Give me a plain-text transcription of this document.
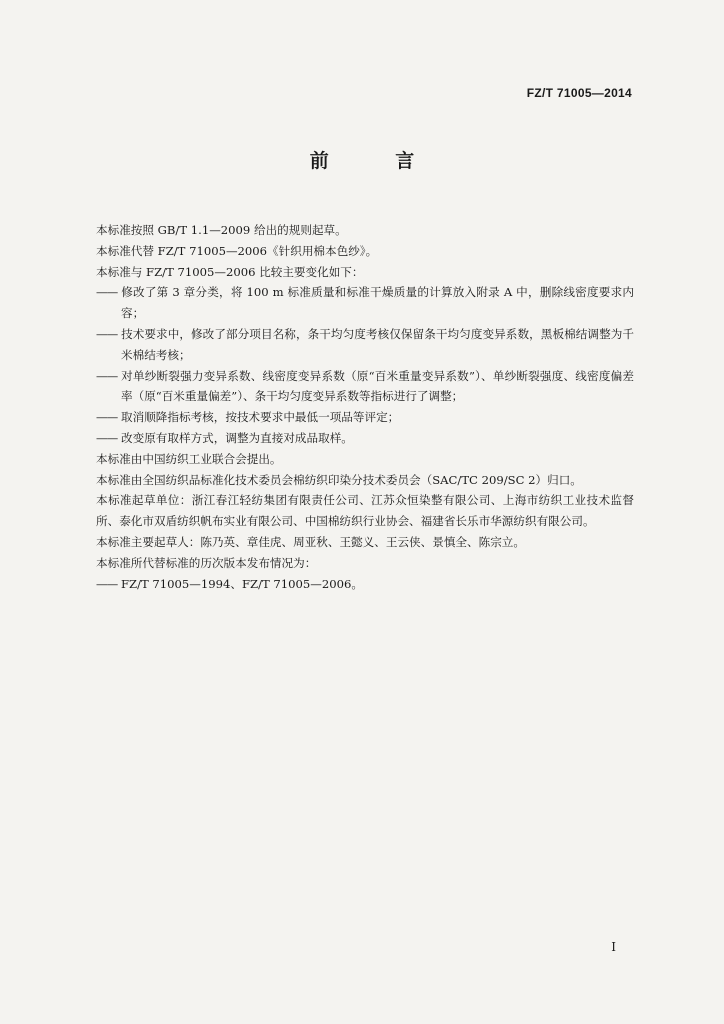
FZ/T 71005—2014
前 言

本标准按照 GB/T 1.1—2009 给出的规则起草。

本标准代替 FZ/T 71005—2006《针织用棉本色纱》。

本标准与 FZ/T 71005—2006 比较主要变化如下：

—— 修改了第 3 章分类，将 100 m 标准质量和标准干燥质量的计算放入附录 A 中，删除线密度要求内容；

—— 技术要求中，修改了部分项目名称，条干均匀度考核仅保留条干均匀度变异系数，黑板棉结调整为千米棉结考核；

—— 对单纱断裂强力变异系数、线密度变异系数（原“百米重量变异系数”）、单纱断裂强度、线密度偏差率（原“百米重量偏差”）、条干均匀度变异系数等指标进行了调整；

—— 取消顺降指标考核，按技术要求中最低一项品等评定；

—— 改变原有取样方式，调整为直接对成品取样。

本标准由中国纺织工业联合会提出。

本标准由全国纺织品标准化技术委员会棉纺织印染分技术委员会（SAC/TC 209/SC 2）归口。

本标准起草单位：浙江春江轻纺集团有限责任公司、江苏众恒染整有限公司、上海市纺织工业技术监督所、泰化市双盾纺织帆布实业有限公司、中国棉纺织行业协会、福建省长乐市华源纺织有限公司。

本标准主要起草人：陈乃英、章佳虎、周亚秋、王懿义、王云侠、景慎全、陈宗立。

本标准所代替标准的历次版本发布情况为：

—— FZ/T 71005—1994、FZ/T 71005—2006。

I
